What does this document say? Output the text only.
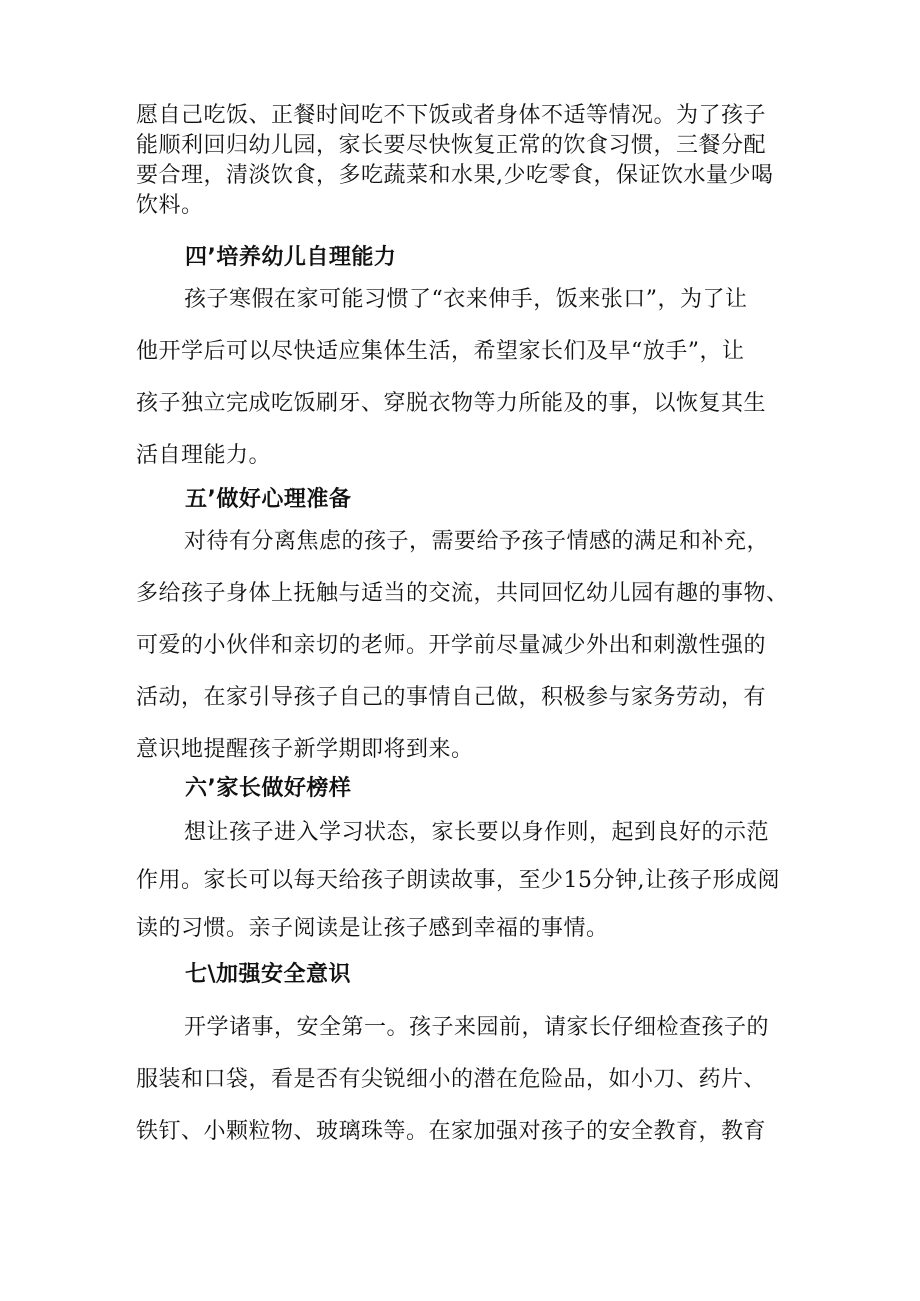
愿自己吃饭、正餐时间吃不下饭或者身体不适等情况。为了孩子
能顺利回归幼儿园，家长要尽快恢复正常的饮食习惯，三餐分配
要合理，清淡饮食，多吃蔬菜和水果,少吃零食，保证饮水量少喝
饮料。
四’培养幼儿自理能力
孩子寒假在家可能习惯了“衣来伸手，饭来张口”，为了让
他开学后可以尽快适应集体生活，希望家长们及早“放手”，让
孩子独立完成吃饭刷牙、穿脱衣物等力所能及的事，以恢复其生
活自理能力。
五’做好心理准备
对待有分离焦虑的孩子，需要给予孩子情感的满足和补充，
多给孩子身体上抚触与适当的交流，共同回忆幼儿园有趣的事物、
可爱的小伙伴和亲切的老师。开学前尽量减少外出和刺激性强的
活动，在家引导孩子自己的事情自己做，积极参与家务劳动，有
意识地提醒孩子新学期即将到来。
六’家长做好榜样
想让孩子进入学习状态，家长要以身作则，起到良好的示范
作用。家长可以每天给孩子朗读故事，至少15分钟,让孩子形成阅
读的习惯。亲子阅读是让孩子感到幸福的事情。
七\加强安全意识
开学诸事，安全第一。孩子来园前，请家长仔细检查孩子的
服装和口袋，看是否有尖锐细小的潜在危险品，如小刀、药片、
铁钉、小颗粒物、玻璃珠等。在家加强对孩子的安全教育，教育
